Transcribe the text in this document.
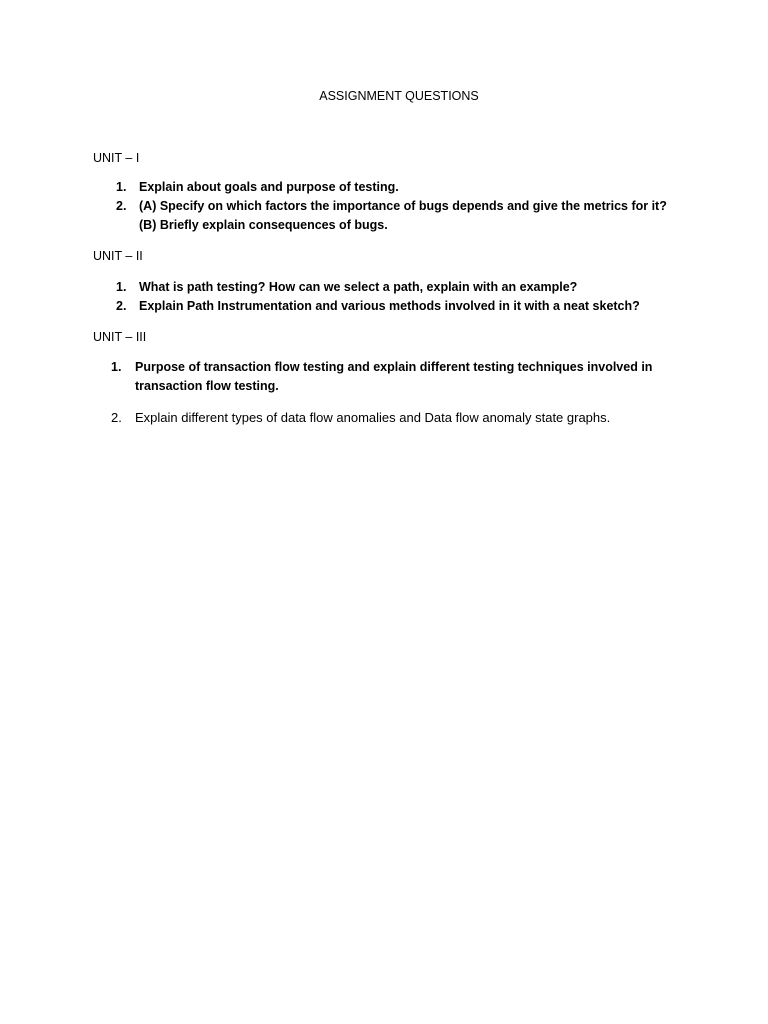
ASSIGNMENT QUESTIONS
UNIT – I
1.	Explain about goals and purpose of testing.
2.	(A) Specify on which factors the importance of bugs depends and give the metrics for it?
(B) Briefly explain consequences of bugs.
UNIT – II
1.	What is path testing? How can we select a path, explain with an example?
2.	Explain Path Instrumentation and various methods involved in it with a neat sketch?
UNIT – III
1.	Purpose of transaction flow testing and explain different testing techniques involved in
transaction flow testing.
2.	Explain different types of data flow anomalies and Data flow anomaly state graphs.
